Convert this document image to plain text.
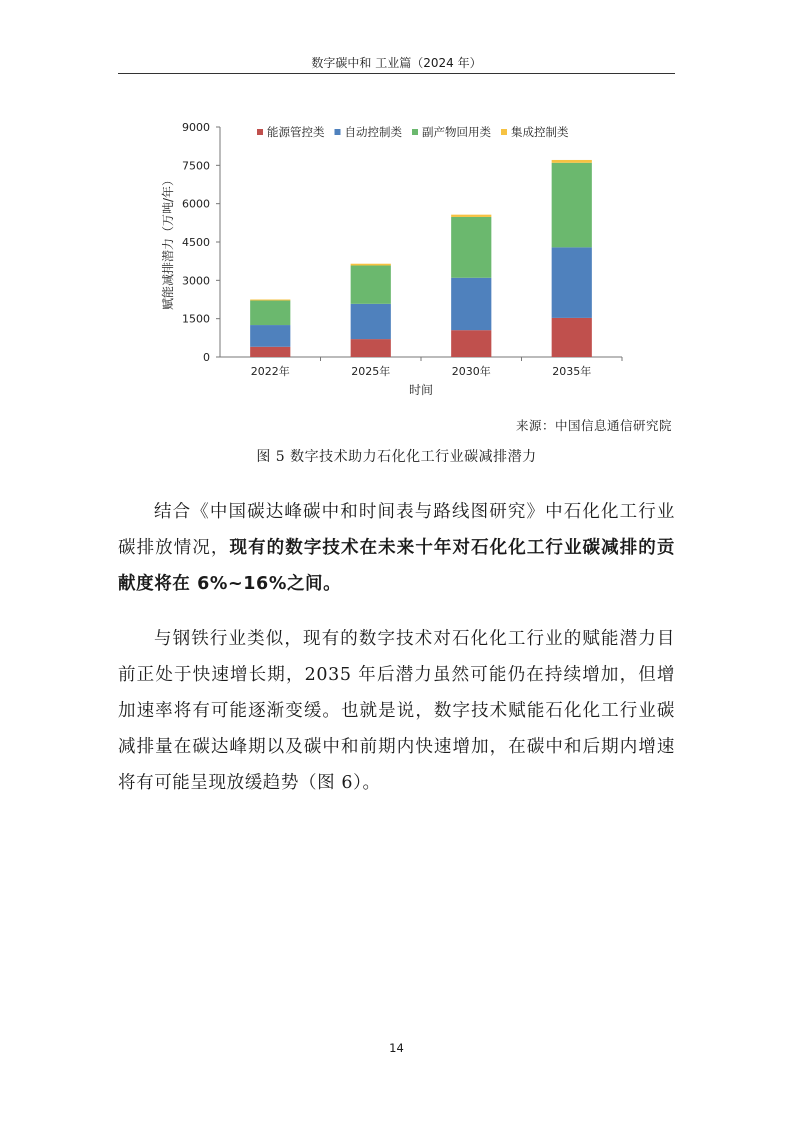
数字碳中和 工业篇（2024 年）
0
1500
3000
4500
6000
7500
9000
2022年	2025年	2030年	2035年
时间
赋能减排潜力（万吨/年）
能源管控类 自动控制类 副产物回用类 集成控制类
来源：中国信息通信研究院
图 5 数字技术助力石化化工行业碳减排潜力
结合《中国碳达峰碳中和时间表与路线图研究》中石化化工行业碳排放情况，现有的数字技术在未来十年对石化化工行业碳减排的贡献度将在 6%~16%之间。
与钢铁行业类似，现有的数字技术对石化化工行业的赋能潜力目前正处于快速增长期，2035 年后潜力虽然可能仍在持续增加，但增加速率将有可能逐渐变缓。也就是说，数字技术赋能石化化工行业碳减排量在碳达峰期以及碳中和前期内快速增加，在碳中和后期内增速将有可能呈现放缓趋势（图 6）。
14
